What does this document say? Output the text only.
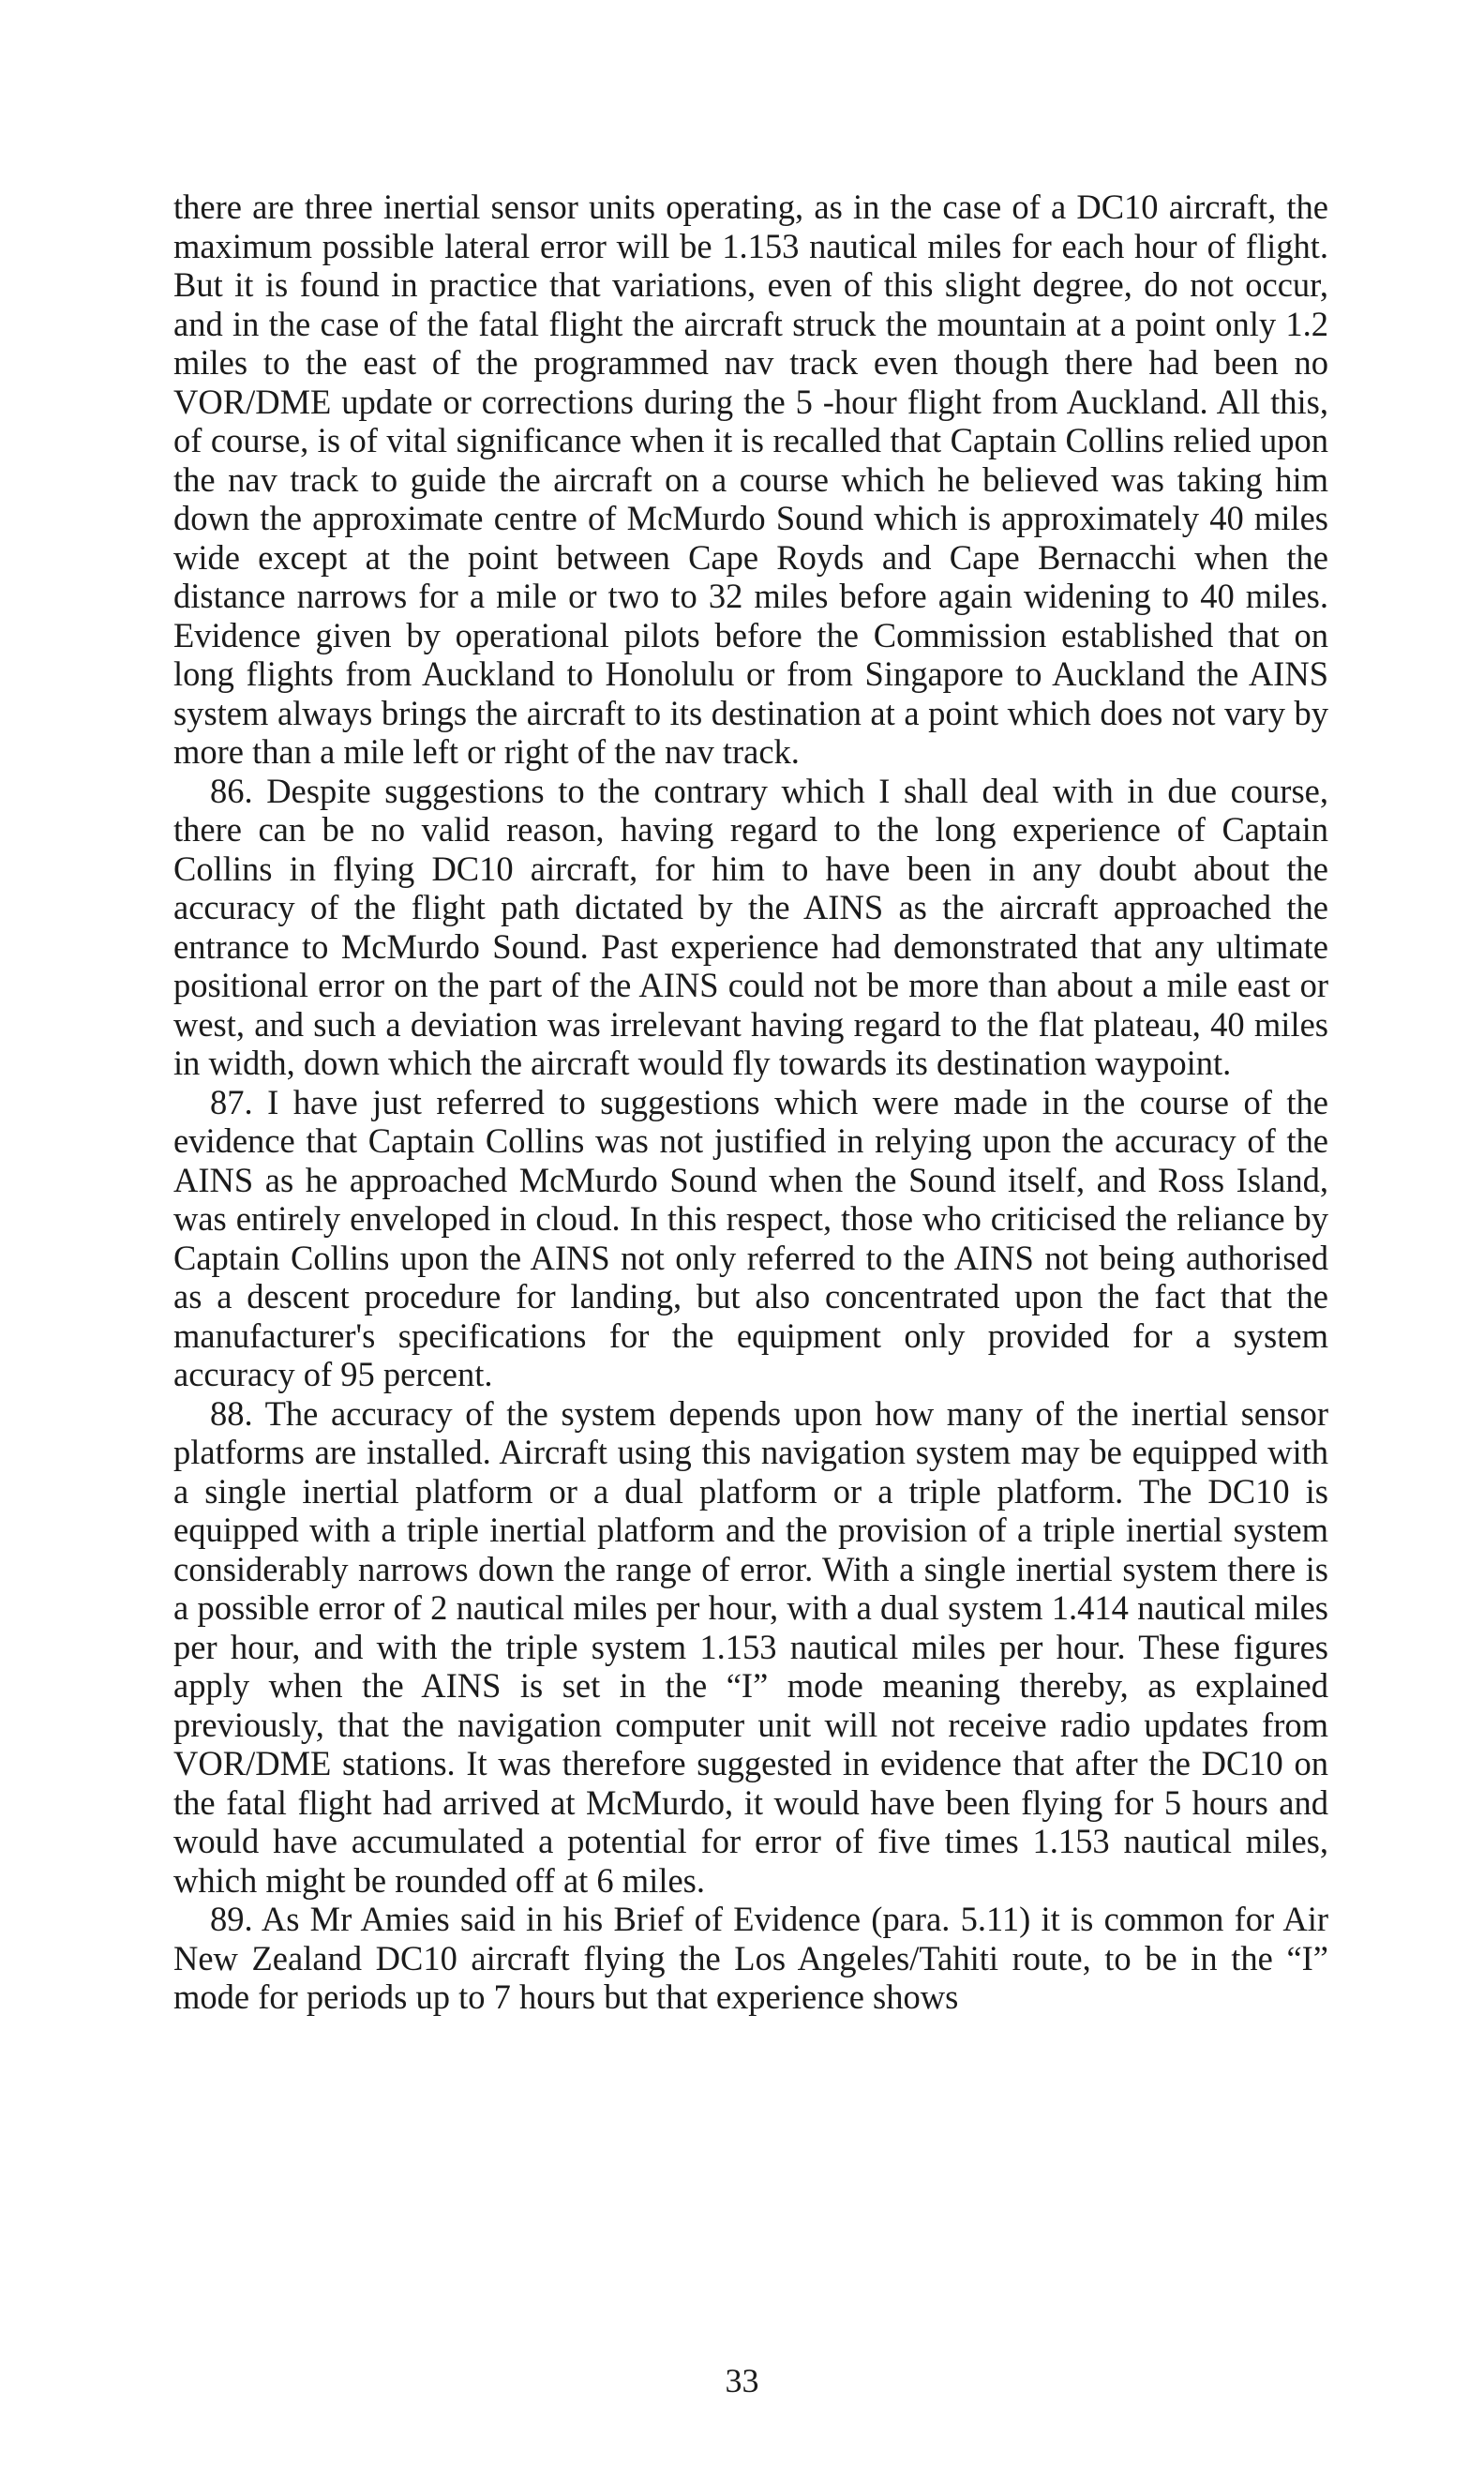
there are three inertial sensor units operating, as in the case of a DC10 aircraft, the maximum possible lateral error will be 1.153 nautical miles for each hour of flight. But it is found in practice that variations, even of this slight degree, do not occur, and in the case of the fatal flight the aircraft struck the mountain at a point only 1.2 miles to the east of the programmed nav track even though there had been no VOR/DME update or corrections during the 5 -hour flight from Auckland. All this, of course, is of vital significance when it is recalled that Captain Collins relied upon the nav track to guide the aircraft on a course which he believed was taking him down the approximate centre of McMurdo Sound which is approximately 40 miles wide except at the point between Cape Royds and Cape Bernacchi when the distance narrows for a mile or two to 32 miles before again widening to 40 miles. Evidence given by operational pilots before the Commission established that on long flights from Auckland to Honolulu or from Singapore to Auckland the AINS system always brings the aircraft to its destination at a point which does not vary by more than a mile left or right of the nav track.

86. Despite suggestions to the contrary which I shall deal with in due course, there can be no valid reason, having regard to the long experience of Captain Collins in flying DC10 aircraft, for him to have been in any doubt about the accuracy of the flight path dictated by the AINS as the aircraft approached the entrance to McMurdo Sound. Past experience had demonstrated that any ultimate positional error on the part of the AINS could not be more than about a mile east or west, and such a deviation was irrelevant having regard to the flat plateau, 40 miles in width, down which the aircraft would fly towards its destination waypoint.

87. I have just referred to suggestions which were made in the course of the evidence that Captain Collins was not justified in relying upon the accuracy of the AINS as he approached McMurdo Sound when the Sound itself, and Ross Island, was entirely enveloped in cloud. In this respect, those who criticised the reliance by Captain Collins upon the AINS not only referred to the AINS not being authorised as a descent procedure for landing, but also concentrated upon the fact that the manufacturer's specifications for the equipment only provided for a system accuracy of 95 percent.

88. The accuracy of the system depends upon how many of the inertial sensor platforms are installed. Aircraft using this navigation system may be equipped with a single inertial platform or a dual platform or a triple platform. The DC10 is equipped with a triple inertial platform and the provision of a triple inertial system considerably narrows down the range of error. With a single inertial system there is a possible error of 2 nautical miles per hour, with a dual system 1.414 nautical miles per hour, and with the triple system 1.153 nautical miles per hour. These figures apply when the AINS is set in the “I” mode meaning thereby, as explained previously, that the navigation computer unit will not receive radio updates from VOR/DME stations. It was therefore suggested in evidence that after the DC10 on the fatal flight had arrived at McMurdo, it would have been flying for 5 hours and would have accumulated a potential for error of five times 1.153 nautical miles, which might be rounded off at 6 miles.

89. As Mr Amies said in his Brief of Evidence (para. 5.11) it is common for Air New Zealand DC10 aircraft flying the Los Angeles/Tahiti route, to be in the “I” mode for periods up to 7 hours but that experience shows

33
